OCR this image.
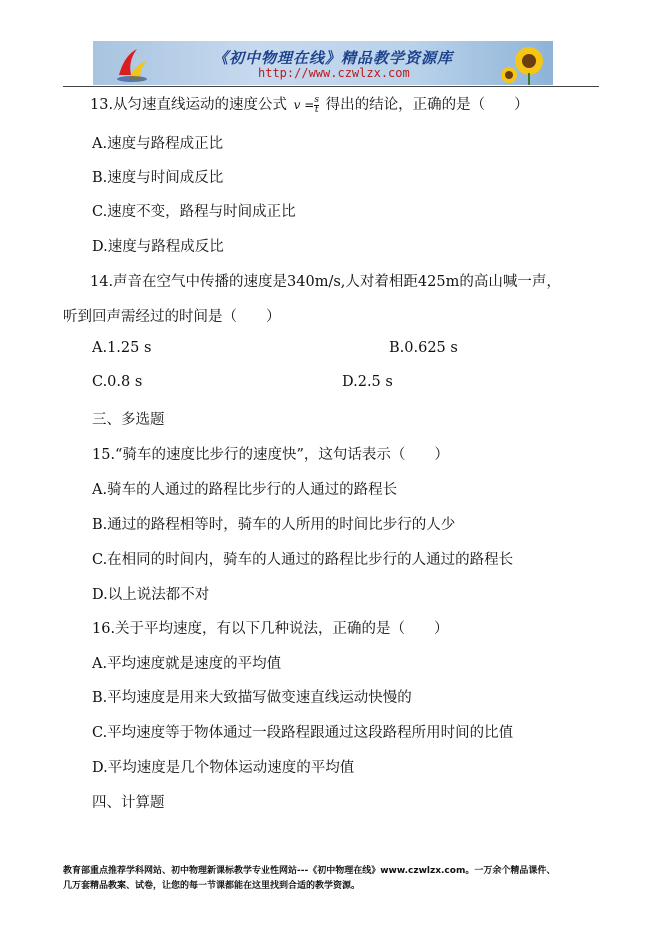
《初中物理在线》精品教学资源库
http://www.czwlzx.com
13.从匀速直线运动的速度公式 $v = \frac{s}{t}$ 得出的结论，正确的是（　　）
A.速度与路程成正比
B.速度与时间成反比
C.速度不变，路程与时间成正比
D.速度与路程成反比
14.声音在空气中传播的速度是340m/s,人对着相距425m的高山喊一声，
听到回声需经过的时间是（　　）
A.1.25 s	B.0.625 s
C.0.8 s	D.2.5 s
三、多选题
15.“骑车的速度比步行的速度快”，这句话表示（　　）
A.骑车的人通过的路程比步行的人通过的路程长
B.通过的路程相等时，骑车的人所用的时间比步行的人少
C.在相同的时间内，骑车的人通过的路程比步行的人通过的路程长
D.以上说法都不对
16.关于平均速度，有以下几种说法，正确的是（　　）
A.平均速度就是速度的平均值
B.平均速度是用来大致描写做变速直线运动快慢的
C.平均速度等于物体通过一段路程跟通过这段路程所用时间的比值
D.平均速度是几个物体运动速度的平均值
四、计算题
教育部重点推荐学科网站、初中物理新课标教学专业性网站---《初中物理在线》www.czwlzx.com。一万余个精品课件、
几万套精品教案、试卷，让您的每一节课都能在这里找到合适的教学资源。
